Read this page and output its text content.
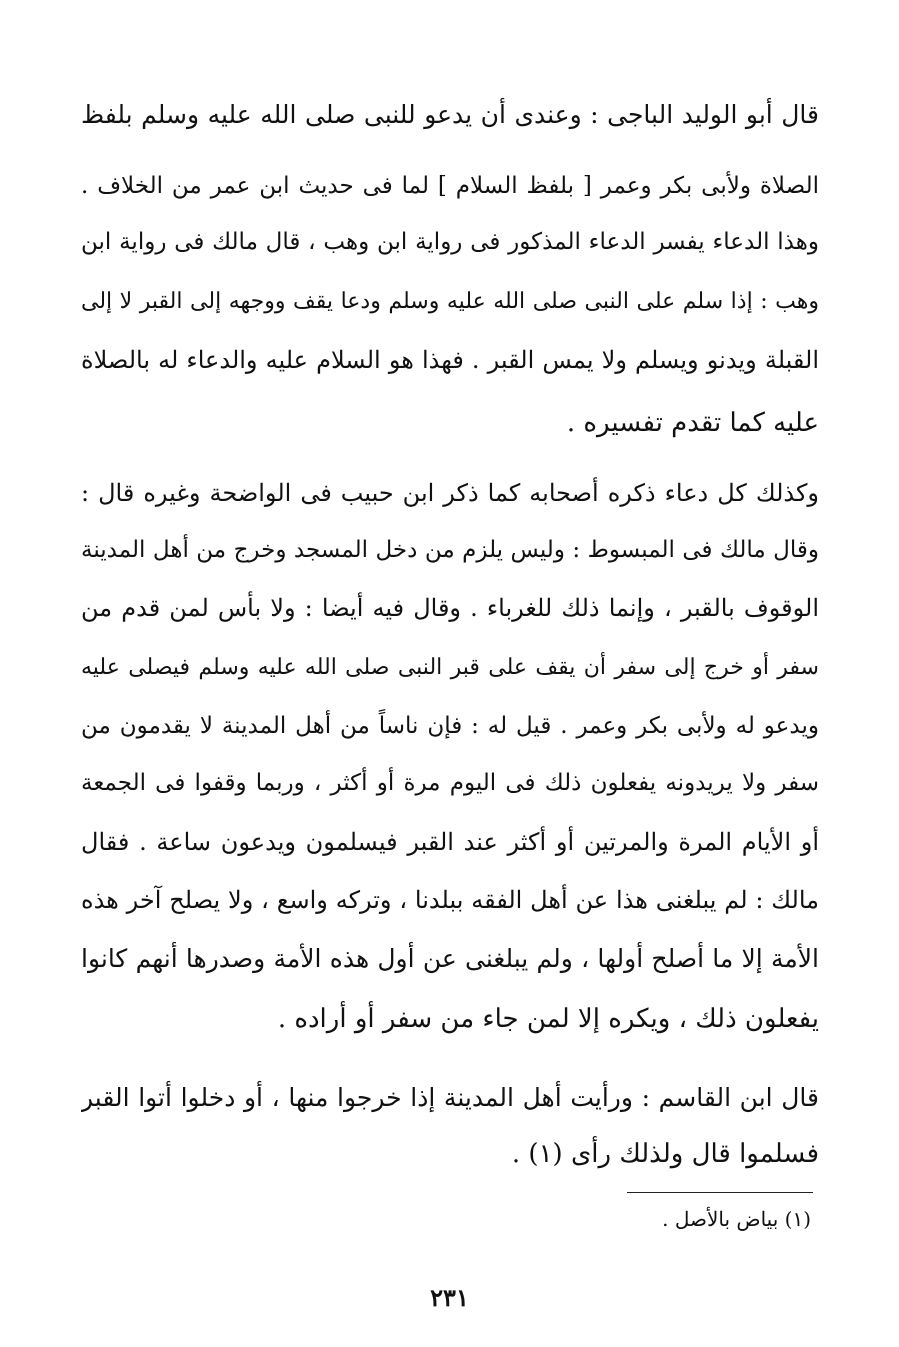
قال أبو الوليد الباجى : وعندى أن يدعو للنبى صلى الله عليه وسلم بلفظ
الصلاة ولأبى بكر وعمر [ بلفظ السلام ] لما فى حديث ابن عمر من الخلاف .
وهذا الدعاء يفسر الدعاء المذكور فى رواية ابن وهب ، قال مالك فى رواية ابن
وهب : إذا سلم على النبى صلى الله عليه وسلم ودعا يقف ووجهه إلى القبر لا إلى
القبلة ويدنو ويسلم ولا يمس القبر . فهذا هو السلام عليه والدعاء له بالصلاة
عليه كما تقدم تفسيره .
وكذلك كل دعاء ذكره أصحابه كما ذكر ابن حبيب فى الواضحة وغيره قال :
وقال مالك فى المبسوط : وليس يلزم من دخل المسجد وخرج من أهل المدينة
الوقوف بالقبر ، وإنما ذلك للغرباء . وقال فيه أيضا : ولا بأس لمن قدم من
سفر أو خرج إلى سفر أن يقف على قبر النبى صلى الله عليه وسلم فيصلى عليه
ويدعو له ولأبى بكر وعمر . قيل له : فإن ناساً من أهل المدينة لا يقدمون من
سفر ولا يريدونه يفعلون ذلك فى اليوم مرة أو أكثر ، وربما وقفوا فى الجمعة
أو الأيام المرة والمرتين أو أكثر عند القبر فيسلمون ويدعون ساعة . فقال
مالك : لم يبلغنى هذا عن أهل الفقه ببلدنا ، وتركه واسع ، ولا يصلح آخر هذه
الأمة إلا ما أصلح أولها ، ولم يبلغنى عن أول هذه الأمة وصدرها أنهم كانوا
يفعلون ذلك ، ويكره إلا لمن جاء من سفر أو أراده .
قال ابن القاسم : ورأيت أهل المدينة إذا خرجوا منها ، أو دخلوا أتوا القبر
فسلموا قال ولذلك رأى (١) .
(١) بياض بالأصل .
٢٣١
